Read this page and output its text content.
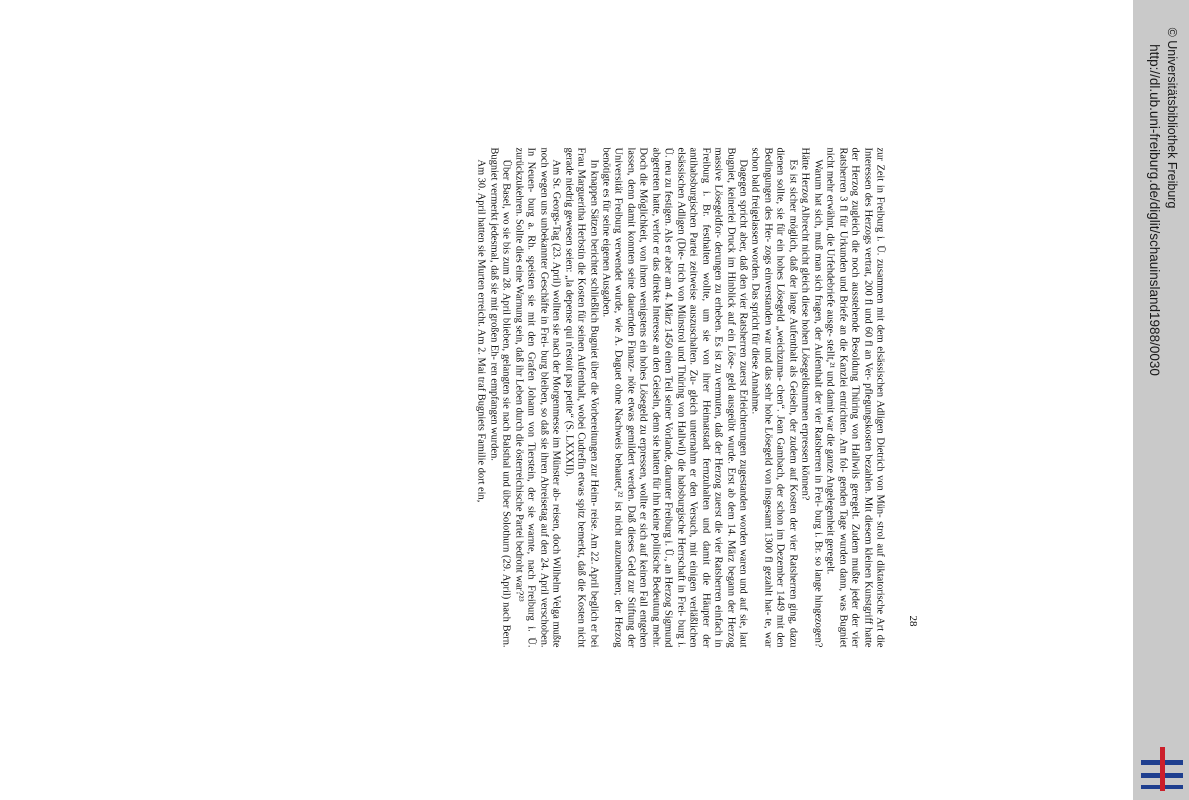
zur Zeit in Freiburg i. Ü. zusammen mit dem elsässischen Adligen Dietrich von Mün- strol auf diktatorische Art die Interessen des Herzogs vertrat, 200 fl und 60 fl an Ver- pflegungskosten bezahlen. Mit diesem kleinen Kunstgriff hatte der Herzog zugleich die noch ausstehende Besoldung Thüring von Hallwils geregelt. Zudem mußte jeder der vier Ratsherren 3 fl für Urkunden und Briefe an die Kanzlei entrichten. Am fol- genden Tage wurden dann, was Bugniet nicht mehr erwähnt, die Urfehdebriefe ausge- stellt,²¹ und damit war die ganze Angelegenheit geregelt.

Warum hat sich, muß man sich fragen, der Aufenthalt der vier Ratsherren in Frei- burg i. Br. so lange hingezogen? Hätte Herzog Albrecht nicht gleich diese hohen Lösegeldsummen erpressen können?

Es ist sicher möglich, daß der lange Aufenthalt als Geiseln, der zudem auf Kosten der vier Ratsherren ging, dazu dienen sollte, sie für ein hohes Lösegeld „weichzuma- chen“. Jean Gambach, der schon im Dezember 1449 mit den Bedingungen des Her- zogs einverstanden war und das sehr hohe Lösegeld von insgesamt 1300 fl gezahlt hat- te, war schon bald freigelassen worden. Das spricht für diese Annahme.

Dagegen spricht aber, daß den vier Ratsherren zuerst Erleichterungen zugestanden worden waren und auf sie, laut Bugniet, keinerlei Druck im Hinblick auf ein Löse- geld ausgeübt wurde. Erst ab dem 14. März begann der Herzog massive Lösegeldfor- derungen zu erheben. Es ist zu vermuten, daß der Herzog zuerst die vier Ratsherren einfach in Freiburg i. Br. festhalten wollte, um sie von ihrer Heimatstadt fernzuhalten und damit die Häupter der antihabsburgischen Partei zeitweise auszuschalten. Zu- gleich unternahm er den Versuch, mit einigen verläßlichen elsässischen Adligen (Die- trich von Münstrol und Thüring von Hallwil) die habsburgische Herrschaft in Frei- burg i. Ü. neu zu festigen. Als er aber am 4. März 1450 einen Teil seiner Vorlande, darunter Freiburg i. Ü., an Herzog Sigmund abgetreten hatte, verlor er das direkte Interesse an den Geiseln, denn sie hatten für ihn keine politische Bedeutung mehr. Doch die Möglichkeit, von ihnen wenigstens ein hohes Lösegeld zu erpressen, wollte er sich auf keinen Fall entgehen lassen, denn damit konnten seine dauernden Finanz- nöte etwas gemildert werden. Daß dieses Geld zur Stiftung der Universität Freiburg verwendet wurde, wie A. Daguet ohne Nachweis behautet,²² ist nicht anzunehmen; der Herzog benötigte es für seine eigenen Ausgaben.

In knappen Sätzen berichtet schließlich Bugniet über die Vorbereitungen zur Heim- reise. Am 22. April beglich er bei Frau Margueritha Herbstin die Kosten für seinen Aufenthalt, wobei Cudrefin etwas spitz bemerkt, daß die Kosten nicht gerade niedrig gewesen seien: „la depense qui n'estoit pas petite“ (S. LXXXII).

Am St. Georgs-Tag (23. April) wollten sie nach der Morgenmesse im Münster ab- reisen, doch Wilhelm Velga mußte noch wegen uns unbekannter Geschäfte in Frei- burg bleiben, so daß sie ihren Abreisetag auf den 24. April verschoben. In Neuen- burg a. Rh. speisten sie mit den Grafen Johann von Tierstein, der sie warnte, nach Freiburg i. Ü. zurückzukehren. Sollte dies eine Warnung sein, daß ihr Leben durch die österreichische Partei bedroht war?²³

Über Basel, wo sie bis zum 28. April blieben, gelangten sie nach Balsthal und über Solothurn (29. April) nach Bern. Bugniet vermerkt jedesmal, daß sie mit großen Eh- ren empfangen wurden.

Am 30. April hatten sie Murten erreicht. Am 2. Mai traf Bugniets Familie dort ein,

28
http://dl.ub.uni-freiburg.de/diglit/schauinsland1988/0030 © Universitätsbibliothek Freiburg
